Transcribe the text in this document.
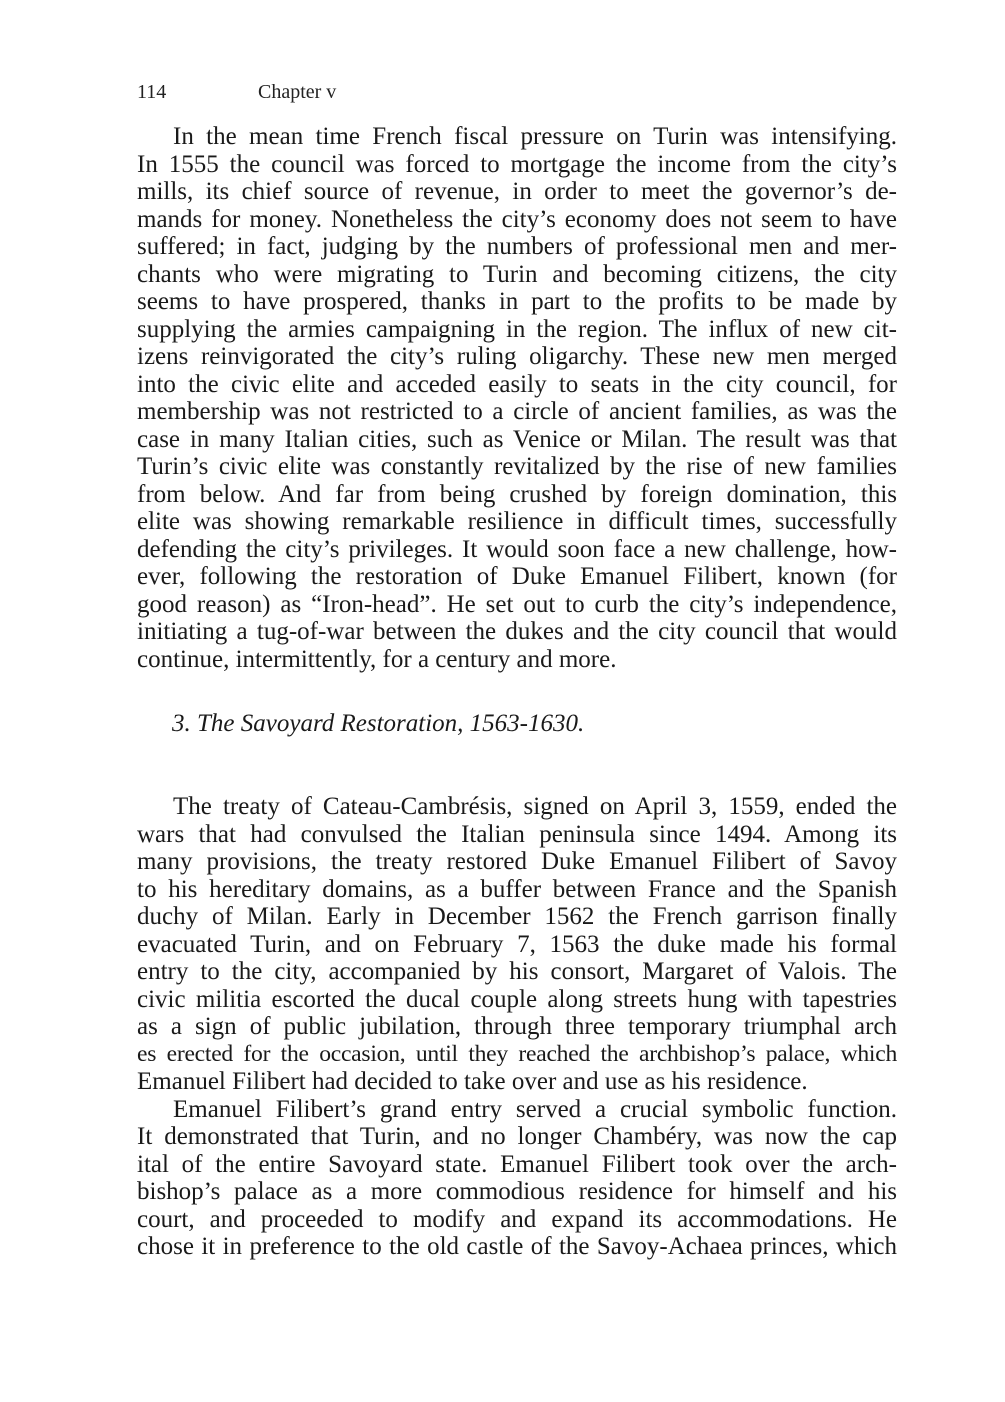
114	Chapter v
In the mean time French fiscal pressure on Turin was intensifying.
In 1555 the council was forced to mortgage the income from the city’s
mills, its chief source of revenue, in order to meet the governor’s de-
mands for money. Nonetheless the city’s economy does not seem to have
suffered; in fact, judging by the numbers of professional men and mer-
chants who were migrating to Turin and becoming citizens, the city
seems to have prospered, thanks in part to the profits to be made by
supplying the armies campaigning in the region. The influx of new cit-
izens reinvigorated the city’s ruling oligarchy. These new men merged
into the civic elite and acceded easily to seats in the city council, for
membership was not restricted to a circle of ancient families, as was the
case in many Italian cities, such as Venice or Milan. The result was that
Turin’s civic elite was constantly revitalized by the rise of new families
from below. And far from being crushed by foreign domination, this
elite was showing remarkable resilience in difficult times, successfully
defending the city’s privileges. It would soon face a new challenge, how-
ever, following the restoration of Duke Emanuel Filibert, known (for
good reason) as “Iron-head”. He set out to curb the city’s independence,
initiating a tug-of-war between the dukes and the city council that would
continue, intermittently, for a century and more.
3. The Savoyard Restoration, 1563-1630.
The treaty of Cateau-Cambrésis, signed on April 3, 1559, ended the
wars that had convulsed the Italian peninsula since 1494. Among its
many provisions, the treaty restored Duke Emanuel Filibert of Savoy
to his hereditary domains, as a buffer between France and the Spanish
duchy of Milan. Early in December 1562 the French garrison finally
evacuated Turin, and on February 7, 1563 the duke made his formal
entry to the city, accompanied by his consort, Margaret of Valois. The
civic militia escorted the ducal couple along streets hung with tapestries
as a sign of public jubilation, through three temporary triumphal arch
es erected for the occasion, until they reached the archbishop’s palace, which
Emanuel Filibert had decided to take over and use as his residence.
Emanuel Filibert’s grand entry served a crucial symbolic function.
It demonstrated that Turin, and no longer Chambéry, was now the cap
ital of the entire Savoyard state. Emanuel Filibert took over the arch-
bishop’s palace as a more commodious residence for himself and his
court, and proceeded to modify and expand its accommodations. He
chose it in preference to the old castle of the Savoy-Achaea princes, which
